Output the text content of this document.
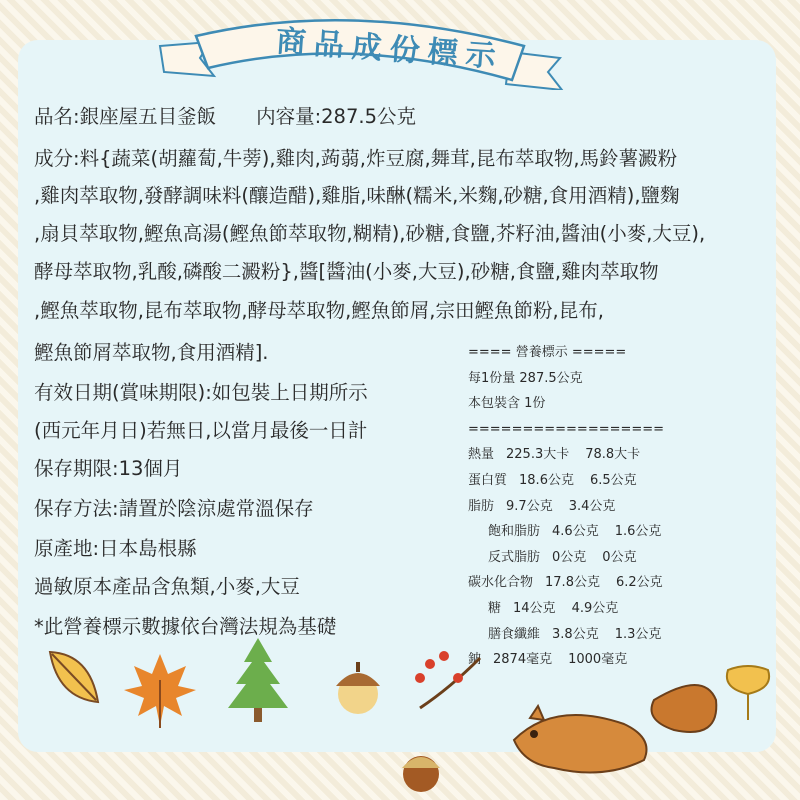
商品成份標示
品名:銀座屋五目釜飯 内容量:287.5公克
成分:料{蔬菜(胡蘿蔔,牛蒡),雞肉,蒟蒻,炸豆腐,舞茸,昆布萃取物,馬鈴薯澱粉
,雞肉萃取物,發酵調味料(釀造醋),雞脂,味醂(糯米,米麴,砂糖,食用酒精),鹽麴
,扇貝萃取物,鰹魚高湯(鰹魚節萃取物,糊精),砂糖,食鹽,芥籽油,醬油(小麥,大豆),
酵母萃取物,乳酸,磷酸二澱粉},醬[醬油(小麥,大豆),砂糖,食鹽,雞肉萃取物
,鰹魚萃取物,昆布萃取物,酵母萃取物,鰹魚節屑,宗田鰹魚節粉,昆布,
鰹魚節屑萃取物,食用酒精].
有效日期(賞味期限):如包裝上日期所示
(西元年月日)若無日,以當月最後一日計
保存期限:13個月
保存方法:請置於陰涼處常溫保存
原產地:日本島根縣
過敏原本產品含魚類,小麥,大豆
*此營養標示數據依台灣法規為基礎
==== 營養標示 =====
每1份量 287.5公克
本包裝含 1份
==================
熱量 225.3大卡 78.8大卡
蛋白質 18.6公克 6.5公克
脂肪 9.7公克 3.4公克
飽和脂肪 4.6公克 1.6公克
反式脂肪 0公克 0公克
碳水化合物 17.8公克 6.2公克
糖 14公克 4.9公克
膳食纖維 3.8公克 1.3公克
鈉 2874毫克 1000毫克
